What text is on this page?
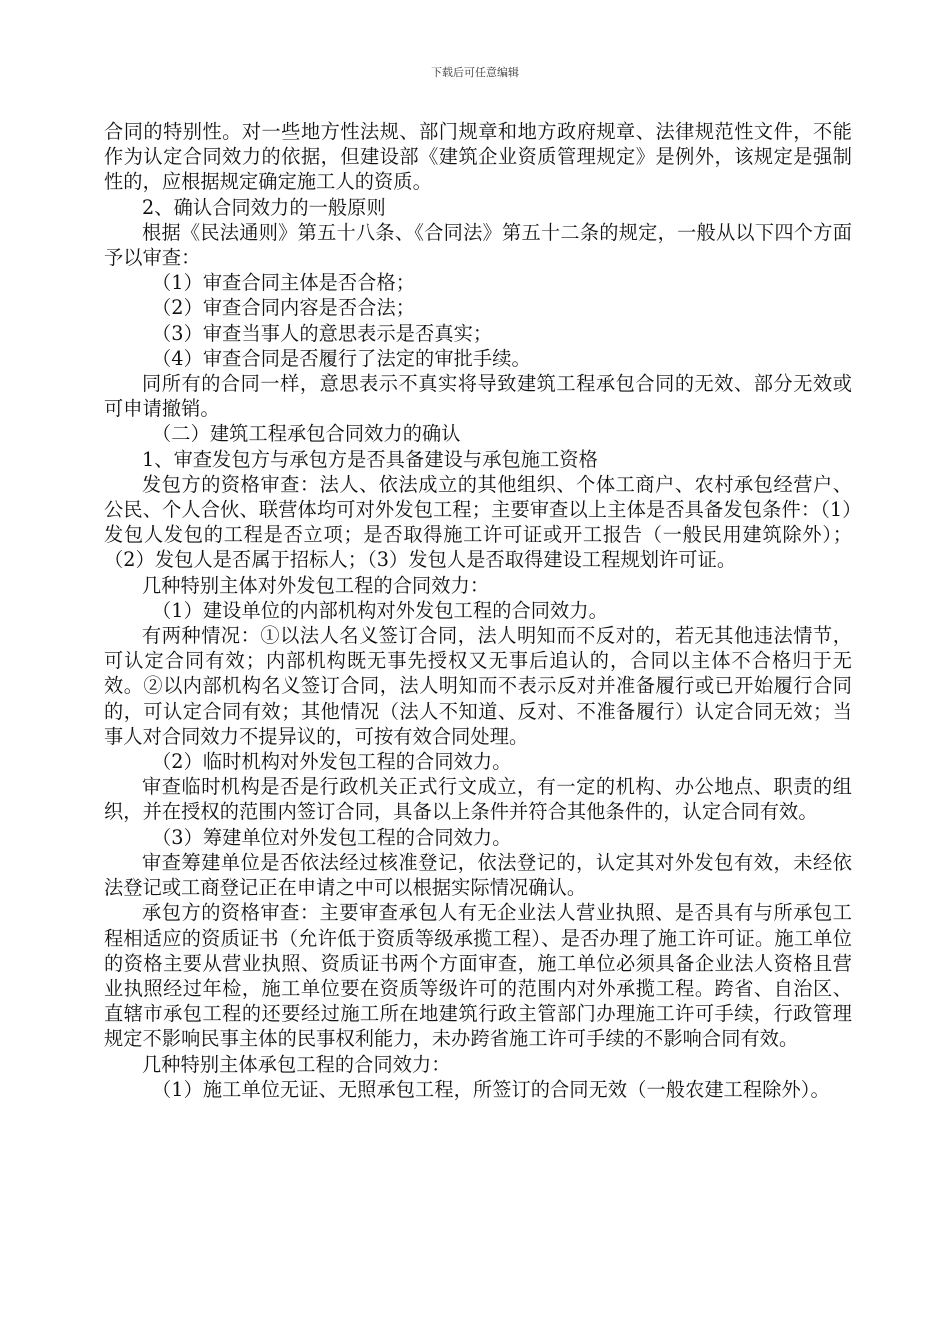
下载后可任意编辑

合同的特别性。对一些地方性法规、部门规章和地方政府规章、法律规范性文件，不能作为认定合同效力的依据，但建设部《建筑企业资质管理规定》是例外，该规定是强制性的，应根据规定确定施工人的资质。

2、确认合同效力的一般原则

根据《民法通则》第五十八条、《合同法》第五十二条的规定，一般从以下四个方面予以审查：

（1）审查合同主体是否合格；

（2）审查合同内容是否合法；

（3）审查当事人的意思表示是否真实；

（4）审查合同是否履行了法定的审批手续。

同所有的合同一样，意思表示不真实将导致建筑工程承包合同的无效、部分无效或可申请撤销。

（二）建筑工程承包合同效力的确认

1、审查发包方与承包方是否具备建设与承包施工资格

发包方的资格审查：法人、依法成立的其他组织、个体工商户、农村承包经营户、公民、个人合伙、联营体均可对外发包工程；主要审查以上主体是否具备发包条件：（1）发包人发包的工程是否立项；是否取得施工许可证或开工报告（一般民用建筑除外）；（2）发包人是否属于招标人；（3）发包人是否取得建设工程规划许可证。

几种特别主体对外发包工程的合同效力：

（1）建设单位的内部机构对外发包工程的合同效力。

有两种情况：①以法人名义签订合同，法人明知而不反对的，若无其他违法情节，可认定合同有效；内部机构既无事先授权又无事后追认的，合同以主体不合格归于无效。②以内部机构名义签订合同，法人明知而不表示反对并准备履行或已开始履行合同的，可认定合同有效；其他情况（法人不知道、反对、不准备履行）认定合同无效；当事人对合同效力不提异议的，可按有效合同处理。

（2）临时机构对外发包工程的合同效力。

审查临时机构是否是行政机关正式行文成立，有一定的机构、办公地点、职责的组织，并在授权的范围内签订合同，具备以上条件并符合其他条件的，认定合同有效。

（3）筹建单位对外发包工程的合同效力。

审查筹建单位是否依法经过核准登记，依法登记的，认定其对外发包有效，未经依法登记或工商登记正在申请之中可以根据实际情况确认。

承包方的资格审查：主要审查承包人有无企业法人营业执照、是否具有与所承包工程相适应的资质证书（允许低于资质等级承揽工程）、是否办理了施工许可证。施工单位的资格主要从营业执照、资质证书两个方面审查，施工单位必须具备企业法人资格且营业执照经过年检，施工单位要在资质等级许可的范围内对外承揽工程。跨省、自治区、直辖市承包工程的还要经过施工所在地建筑行政主管部门办理施工许可手续，行政管理规定不影响民事主体的民事权利能力，未办跨省施工许可手续的不影响合同有效。

几种特别主体承包工程的合同效力：

（1）施工单位无证、无照承包工程，所签订的合同无效（一般农建工程除外）。
